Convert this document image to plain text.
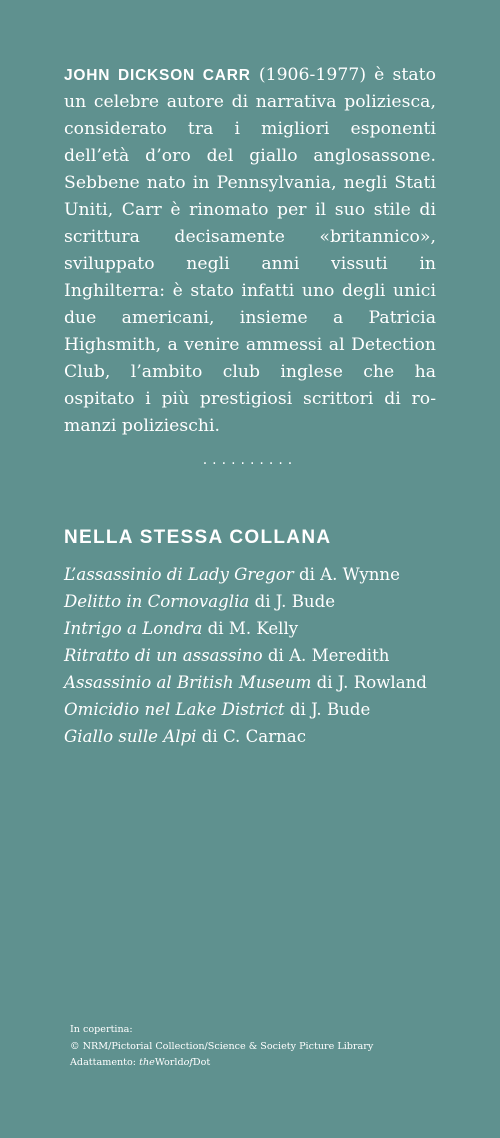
JOHN DICKSON CARR (1906-1977) è stato un celebre autore di narrativa poliziesca, considerato tra i migliori esponenti dell’età d’oro del giallo anglosassone. Sebbene nato in Pennsylvania, negli Stati Uniti, Carr è rinomato per il suo stile di scrittura decisamente «britannico», sviluppato negli anni vissuti in Inghilterra: è stato infatti uno degli unici due americani, insieme a Patricia Highsmith, a venire ammessi al Detection Club, l’ambito club inglese che ha ospitato i più prestigiosi scrittori di romanzi polizieschi.

..........
NELLA STESSA COLLANA
L’assassinio di Lady Gregor di A. Wynne
Delitto in Cornovaglia di J. Bude
Intrigo a Londra di M. Kelly
Ritratto di un assassino di A. Meredith
Assassinio al British Museum di J. Rowland
Omicidio nel Lake District di J. Bude
Giallo sulle Alpi di C. Carnac
In copertina:
© NRM/Pictorial Collection/Science & Society Picture Library
Adattamento: theWorldofDot
